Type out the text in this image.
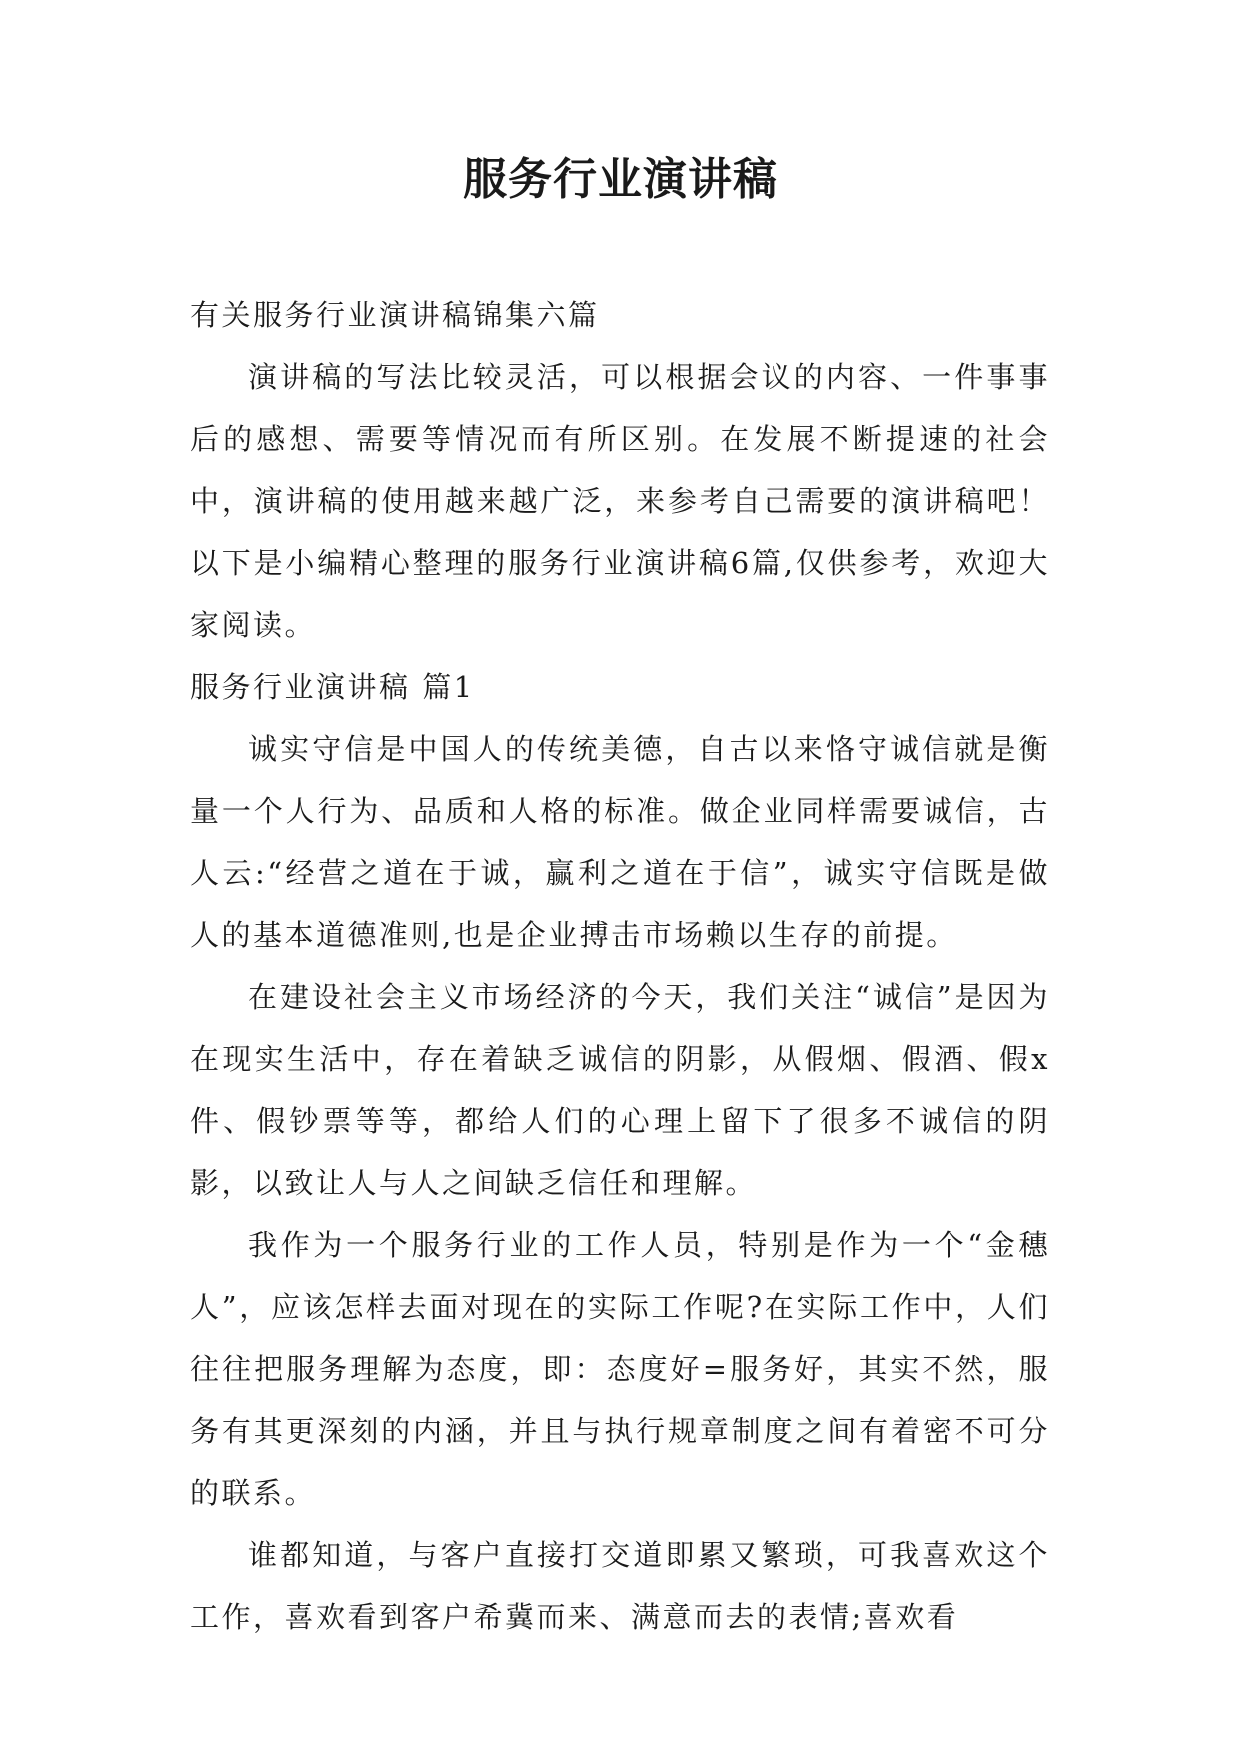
服务行业演讲稿

有关服务行业演讲稿锦集六篇

演讲稿的写法比较灵活，可以根据会议的内容、一件事事后的感想、需要等情况而有所区别。在发展不断提速的社会中，演讲稿的使用越来越广泛，来参考自己需要的演讲稿吧！以下是小编精心整理的服务行业演讲稿6篇,仅供参考，欢迎大家阅读。

服务行业演讲稿 篇1

诚实守信是中国人的传统美德，自古以来恪守诚信就是衡量一个人行为、品质和人格的标准。做企业同样需要诚信，古人云:“经营之道在于诚，赢利之道在于信”，诚实守信既是做人的基本道德准则,也是企业搏击市场赖以生存的前提。

在建设社会主义市场经济的今天，我们关注“诚信”是因为在现实生活中，存在着缺乏诚信的阴影，从假烟、假酒、假x件、假钞票等等，都给人们的心理上留下了很多不诚信的阴影，以致让人与人之间缺乏信任和理解。

我作为一个服务行业的工作人员，特别是作为一个“金穗人”，应该怎样去面对现在的实际工作呢?在实际工作中，人们往往把服务理解为态度，即：态度好=服务好，其实不然，服务有其更深刻的内涵，并且与执行规章制度之间有着密不可分的联系。

谁都知道，与客户直接打交道即累又繁琐，可我喜欢这个工作，喜欢看到客户希冀而来、满意而去的表情;喜欢看
